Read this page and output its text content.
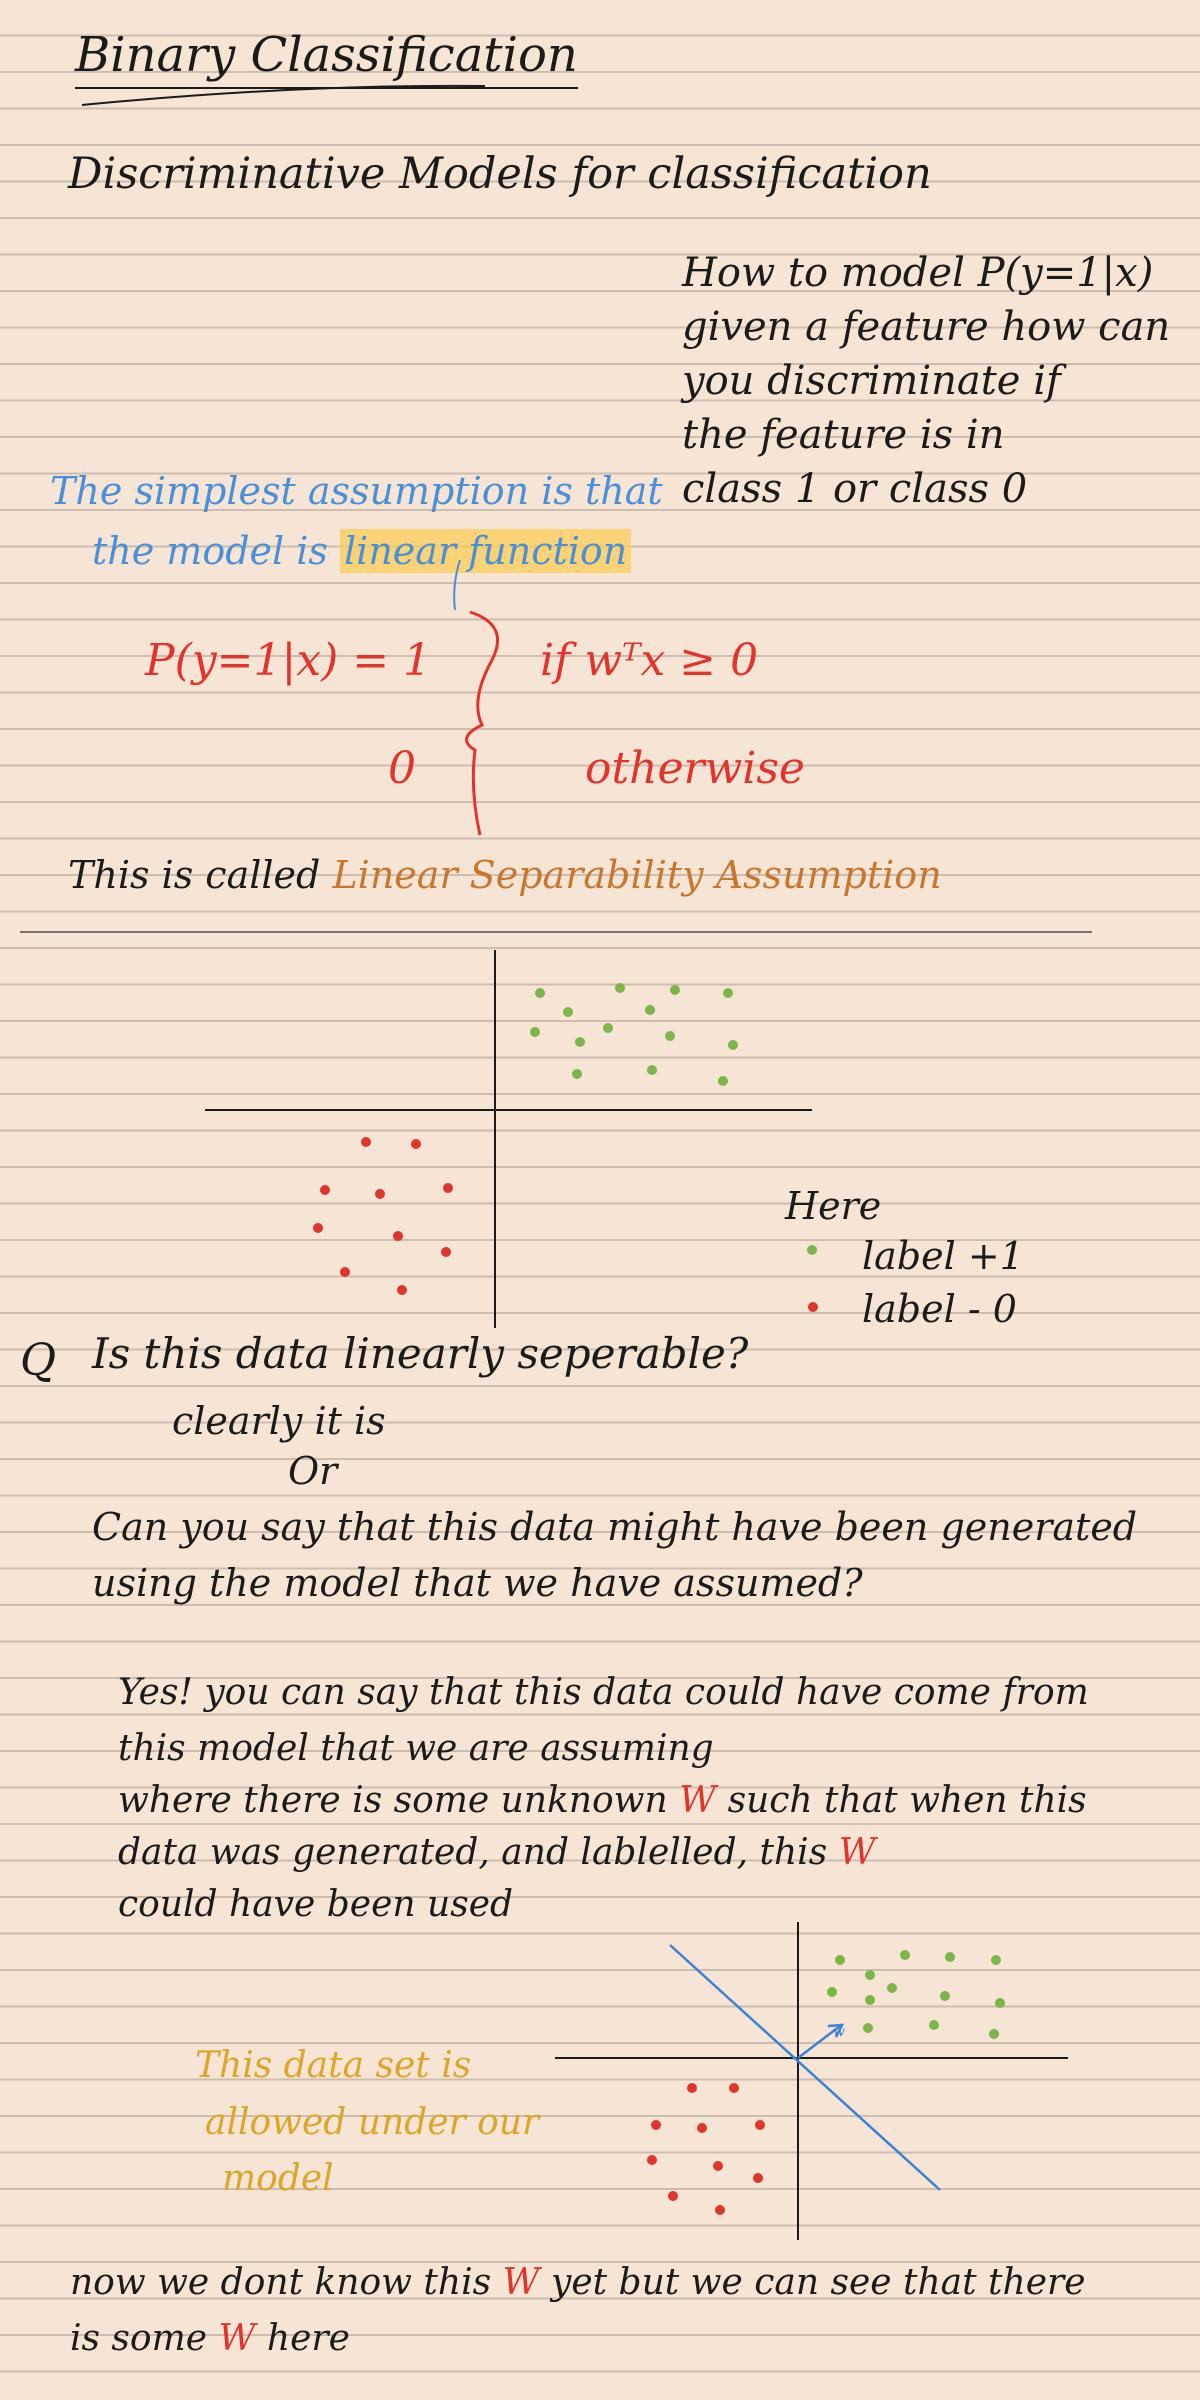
Binary Classification
Discriminative Models for classification
How to model P(y=1|x)
given a feature how can
you discriminate if
the feature is in
class 1 or class 0
The simplest assumption is that
the model is linear function
P(y=1|x) = 1 if wᵀx ≥ 0
0	otherwise
This is called Linear Separability Assumption
Here
label +1
label - 0
Q Is this data linearly seperable?
clearly it is
Or
Can you say that this data might have been generated
using the model that we have assumed?
Yes! you can say that this data could have come from
this model that we are assuming
where there is some unknown W such that when this
data was generated, and lablelled, this W
could have been used
This data set is
allowed under our
model
now we dont know this W yet but we can see that there
is some W here
w
